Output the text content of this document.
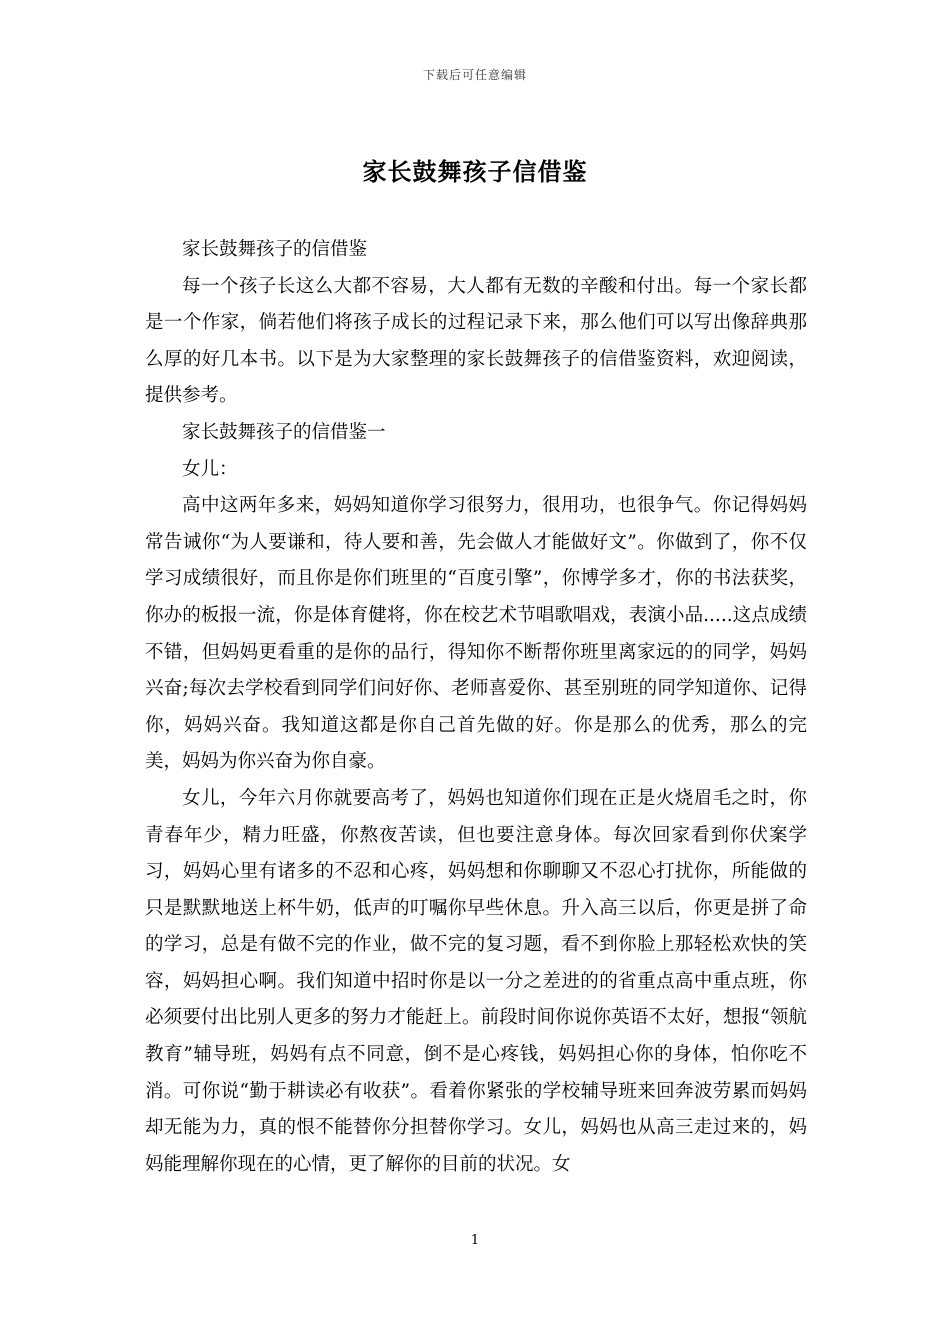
下载后可任意编辑
家长鼓舞孩子信借鉴

家长鼓舞孩子的信借鉴

每一个孩子长这么大都不容易，大人都有无数的辛酸和付出。每一个家长都是一个作家，倘若他们将孩子成长的过程记录下来，那么他们可以写出像辞典那么厚的好几本书。以下是为大家整理的家长鼓舞孩子的信借鉴资料，欢迎阅读，提供参考。

家长鼓舞孩子的信借鉴一

女儿：

高中这两年多来，妈妈知道你学习很努力，很用功，也很争气。你记得妈妈常告诫你“为人要谦和，待人要和善，先会做人才能做好文”。你做到了，你不仅学习成绩很好，而且你是你们班里的“百度引擎”，你博学多才，你的书法获奖，你办的板报一流，你是体育健将，你在校艺术节唱歌唱戏，表演小品.....这点成绩不错，但妈妈更看重的是你的品行，得知你不断帮你班里离家远的的同学，妈妈兴奋;每次去学校看到同学们问好你、老师喜爱你、甚至别班的同学知道你、记得你，妈妈兴奋。我知道这都是你自己首先做的好。你是那么的优秀，那么的完美，妈妈为你兴奋为你自豪。

女儿，今年六月你就要高考了，妈妈也知道你们现在正是火烧眉毛之时，你青春年少，精力旺盛，你熬夜苦读，但也要注意身体。每次回家看到你伏案学习，妈妈心里有诸多的不忍和心疼，妈妈想和你聊聊又不忍心打扰你，所能做的只是默默地送上杯牛奶，低声的叮嘱你早些休息。升入高三以后，你更是拼了命的学习，总是有做不完的作业，做不完的复习题，看不到你脸上那轻松欢快的笑容，妈妈担心啊。我们知道中招时你是以一分之差进的的省重点高中重点班，你必须要付出比别人更多的努力才能赶上。前段时间你说你英语不太好，想报“领航教育”辅导班，妈妈有点不同意，倒不是心疼钱，妈妈担心你的身体，怕你吃不消。可你说“勤于耕读必有收获”。看着你紧张的学校辅导班来回奔波劳累而妈妈却无能为力，真的恨不能替你分担替你学习。女儿，妈妈也从高三走过来的，妈妈能理解你现在的心情，更了解你的目前的状况。女

1
